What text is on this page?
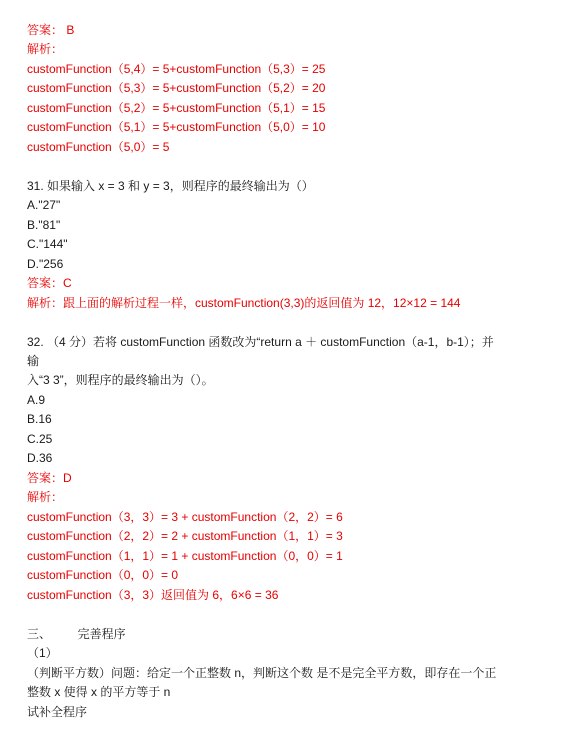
答案： B
解析：
customFunction（5,4）= 5+customFunction（5,3）= 25
customFunction（5,3）= 5+customFunction（5,2）= 20
customFunction（5,2）= 5+customFunction（5,1）= 15
customFunction（5,1）= 5+customFunction（5,0）= 10
customFunction（5,0）= 5
31. 如果输入 x = 3 和 y = 3，则程序的最终输出为（）
A."27"
B."81"
C."144"
D."256
答案：C
解析：跟上面的解析过程一样，customFunction(3,3)的返回值为 12，12×12 = 144
32. （4 分）若将 customFunction 函数改为“return a ＋ customFunction（a-1，b-1）；并
输
入“3 3”，则程序的最终输出为（）。
A.9
B.16
C.25
D.36
答案：D
解析：
customFunction（3，3）= 3 + customFunction（2，2）= 6
customFunction（2，2）= 2 + customFunction（1，1）= 3
customFunction（1，1）= 1 + customFunction（0，0）= 1
customFunction（0，0）= 0
customFunction（3，3）返回值为 6，6×6 = 36
三、        完善程序
（1）
（判断平方数）问题：给定一个正整数 n，判断这个数 是不是完全平方数，即存在一个正
整数 x 使得 x 的平方等于 n
试补全程序
